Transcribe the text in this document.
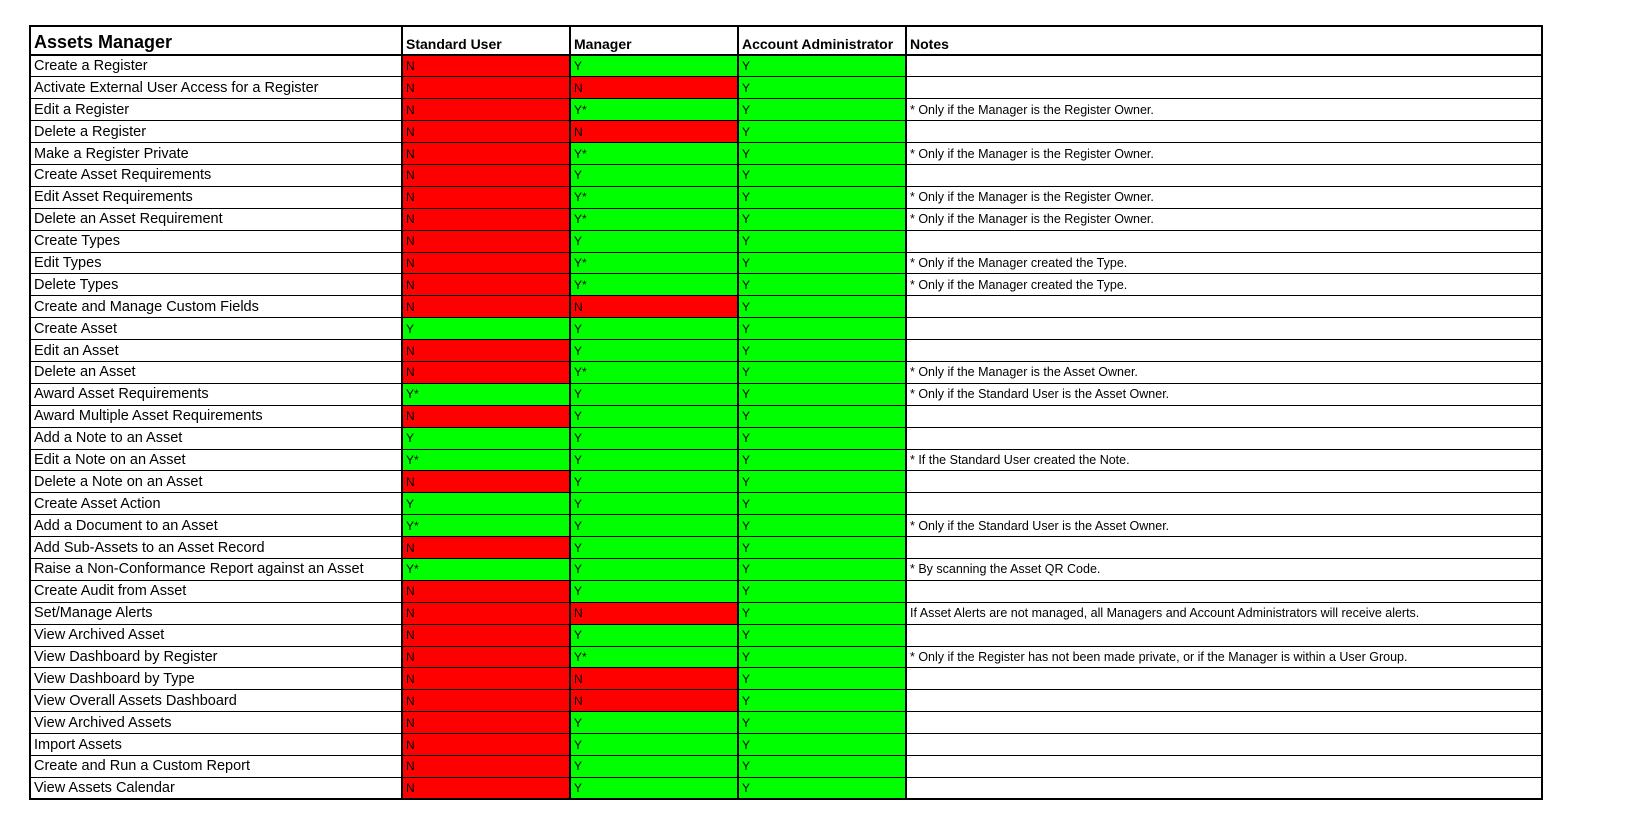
Assets Manager	Standard User	Manager	Account Administrator	Notes
Create a Register	N	Y	Y	
Activate External User Access for a Register	N	N	Y	
Edit a Register	N	Y*	Y	* Only if the Manager is the Register Owner.
Delete a Register	N	N	Y	
Make a Register Private	N	Y*	Y	* Only if the Manager is the Register Owner.
Create Asset Requirements	N	Y	Y	
Edit Asset Requirements	N	Y*	Y	* Only if the Manager is the Register Owner.
Delete an Asset Requirement	N	Y*	Y	* Only if the Manager is the Register Owner.
Create Types	N	Y	Y	
Edit Types	N	Y*	Y	* Only if the Manager created the Type.
Delete Types	N	Y*	Y	* Only if the Manager created the Type.
Create and Manage Custom Fields	N	N	Y	
Create Asset	Y	Y	Y	
Edit an Asset	N	Y	Y	
Delete an Asset	N	Y*	Y	* Only if the Manager is the Asset Owner.
Award Asset Requirements	Y*	Y	Y	* Only if the Standard User is the Asset Owner.
Award Multiple Asset Requirements	N	Y	Y	
Add a Note to an Asset	Y	Y	Y	
Edit a Note on an Asset	Y*	Y	Y	* If the Standard User created the Note.
Delete a Note on an Asset	N	Y	Y	
Create Asset Action	Y	Y	Y	
Add a Document to an Asset	Y*	Y	Y	* Only if the Standard User is the Asset Owner.
Add Sub-Assets to an Asset Record	N	Y	Y	
Raise a Non-Conformance Report against an Asset	Y*	Y	Y	* By scanning the Asset QR Code.
Create Audit from Asset	N	Y	Y	
Set/Manage Alerts	N	N	Y	If Asset Alerts are not managed, all Managers and Account Administrators will receive alerts.
View Archived Asset	N	Y	Y	
View Dashboard by Register	N	Y*	Y	* Only if the Register has not been made private, or if the Manager is within a User Group.
View Dashboard by Type	N	N	Y	
View Overall Assets Dashboard	N	N	Y	
View Archived Assets	N	Y	Y	
Import Assets	N	Y	Y	
Create and Run a Custom Report	N	Y	Y	
View Assets Calendar	N	Y	Y	
